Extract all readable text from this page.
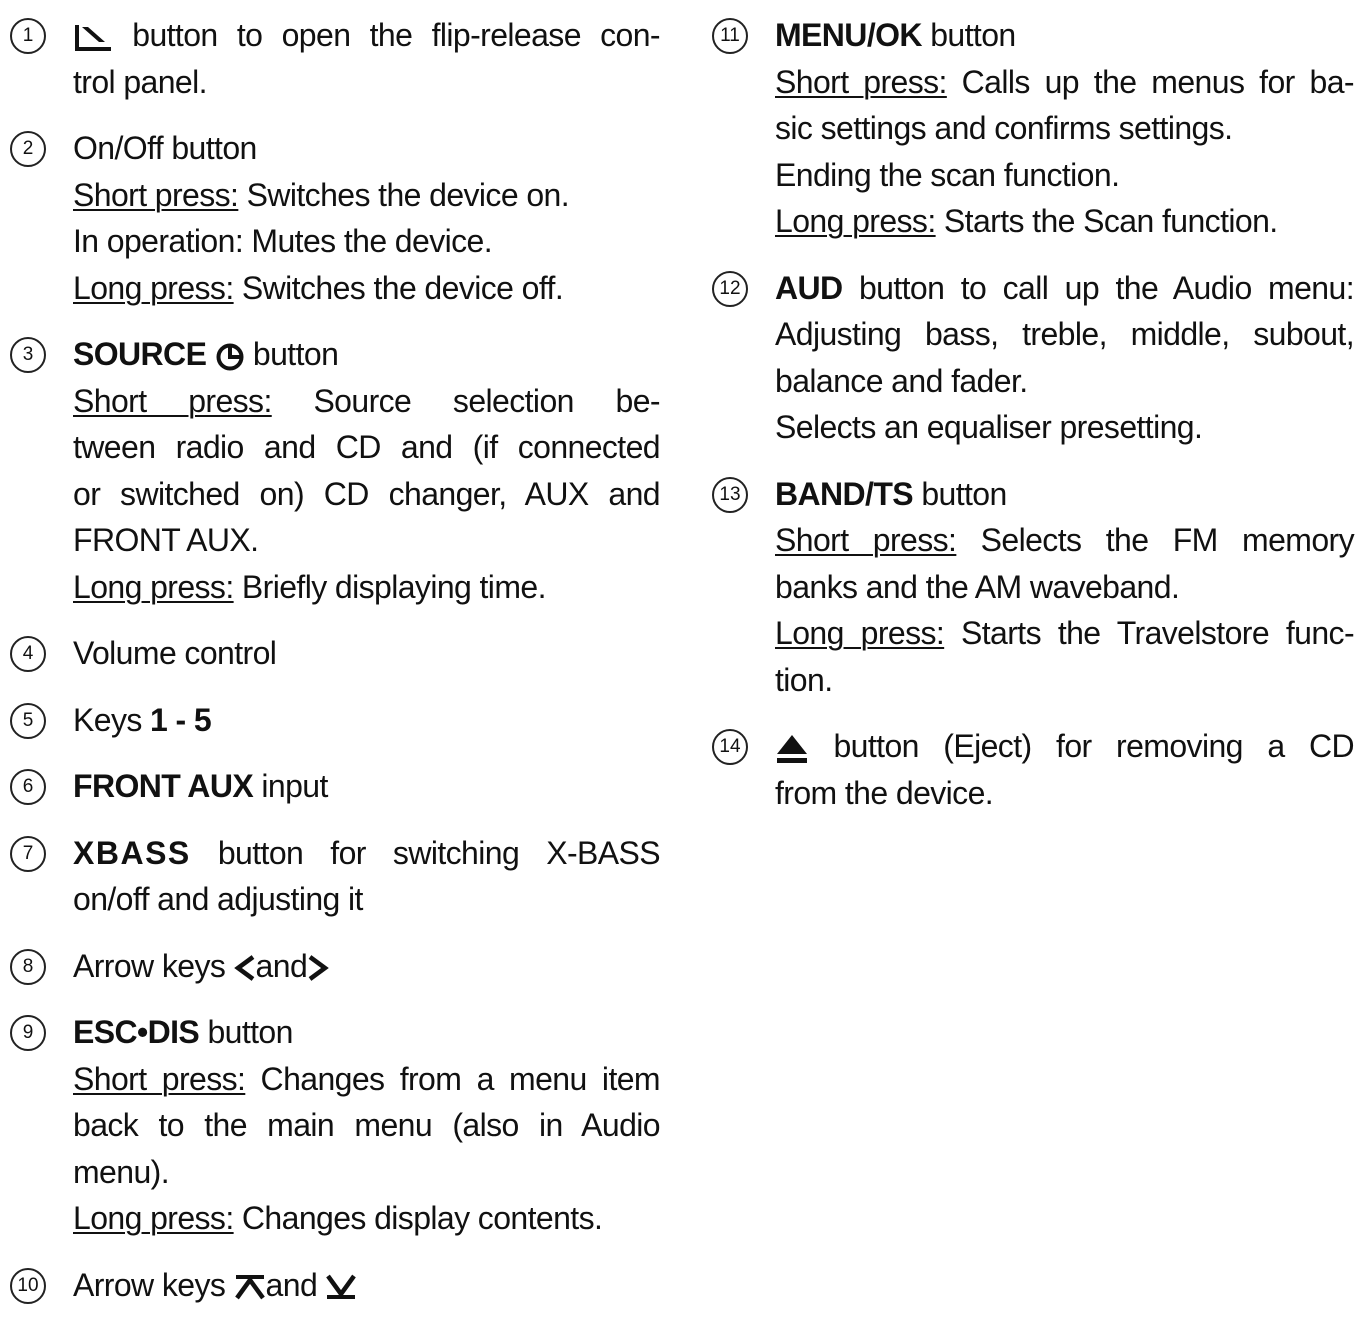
1	button to open the flip-release con-
trol panel.
2	On/Off button
Short press: Switches the device on.
In operation: Mutes the device.
Long press: Switches the device off.
3	SOURCE  button
Short press: Source selection be-
tween radio and CD and (if connected
or switched on) CD changer, AUX and
FRONT AUX.
Long press: Briefly displaying time.
4	Volume control
5	Keys 1 - 5
6	FRONT AUX input
7	XBASS button for switching X-BASS
on/off and adjusting it
8	Arrow keys and
9	ESC•DIS button
Short press: Changes from a menu item
back to the main menu (also in Audio
menu).
Long press: Changes display contents.
10 Arrow keys and
11 MENU/OK button
Short press: Calls up the menus for ba-
sic settings and confirms settings.
Ending the scan function.
Long press: Starts the Scan function.
12 AUD button to call up the Audio menu:
Adjusting bass, treble, middle, subout,
balance and fader.
Selects an equaliser presetting.
13 BAND/TS button
Short press: Selects the FM memory
banks and the AM waveband.
Long press: Starts the Travelstore func-
tion.
14	button (Eject) for removing a CD
from the device.
